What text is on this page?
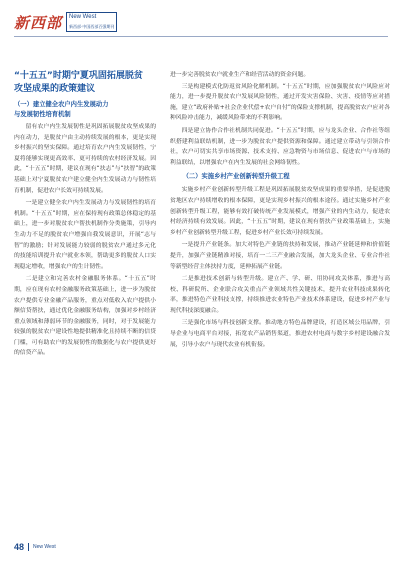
新西部 New West
新西部·中国西部百强期刊
“十五五”时期宁夏巩固拓展脱贫
攻坚成果的政策建议
（一）建立健全农户内生发展动力
与发展韧性培育机制

留有农户内生发展韧性是巩固拓展脱贫攻坚成果的内在动力，是脱贫户由主动持续发展的根本，更是实现乡村振兴的坚实保障。通过培育农户内生发展韧性，宁夏将能够实现更高效率、更可持续的农村经济发展。因此，“十五五”时期，建议在现有“扶志”与“扶智”的政策基础上对宁夏脱贫农户建立健全内生发展动力与韧性培育机制，促进农户长效可持续发展。

一是建立健全农户内生发展动力与发展韧性的培育机制。“十五五”时期，应在保持现有政策总体稳定的基础上，进一步对脱贫农户帮扶机制作分类施策，引导内生动力不足的脱贫农户增强自我发展意识，开展“志与智”的激励；针对发展能力较弱的脱贫农户通过多元化的技能培训提升农户就业本领，帮助更多的脱贫人口实现稳定增收，增强农户的生计韧性。

二是建立和完善农村金融服务体系。“十五五”时期，应在现有农村金融服务政策基础上，进一步为脱贫农户提供专业金融产品服务，重点对低收入农户提供小额信贷帮扶，通过优化金融服务结构，加强对乡村经济重点领域和薄弱环节的金融服务，同时，对于发展能力较强的脱贫农户建设性地提供精准化且持续不断的信贷门槛，可有助农户的发展韧性的数据化与农户提供更好的信贷产品。

进一步完善脱贫农户就业生产和经营活动的资金问题。

三是构建模式化防返贫风险化解机制。“十五五”时期，应加强脱贫农户风险应对能力，进一步提升脱贫农户发展风险韧性，通过开发灾害保险、灾害、疫情等应对措施，建立“政府补贴+社会企业代偿+农户自付”的保险支撑机制，提高脱贫农户应对各种风险冲击能力，减缓风险带来的不利影响。

四是建立协作合作社机制共同促进。“十五五”时期，应与龙头企业、合作社等组织搭建利益联结机制，进一步为脱贫农户提供资源和保障。通过建立带动与引领合作社，农户可切实共享市场资源、技术支持、应急物资与市场信息、促进农户与市场的利益联结，以增强农户在内生发展的社会网络韧性。

（二）实施乡村产业创新转型升级工程

实施乡村产业创新转型升级工程是巩固拓展脱贫攻坚成果的重要举措，是促进脱贫地区农户持续增收的根本保障，更是实现乡村振兴的根本途径。通过实施乡村产业创新转型升级工程，能够有效打破传统产业发展模式，增强产业的内生动力，促进农村经济持续有效发展。因此，“十五五”时期，建议在现有帮扶产业政策基础上，实施乡村产业创新转型升级工程，促进乡村产业长效可持续发展。

一是提升产业链条。加大对特色产业链的扶持和发展，推动产业链延伸和价值链提升，加强产业链精准对接，培育一二三产业融合发展，加大龙头企业、专业合作社等新型经营主体扶持力度，延伸拓展产业链。

二是推进技术创新与转型升级。建立产、学、研、用协同攻关体系，推进与高校、科研院所、企业联合攻关重点产业领域共性关键技术，提升农业科技成果转化率，推进特色产业科技支撑，持续推进农业特色产业技术体系建设，促进乡村产业与现代科技深度融合。

三是强化市场与科技创新支撑。推动地方特色品牌建设，打造区域公用品牌，引导企业与电商平台对接，拓宽农产品销售渠道，推进农村电商与数字乡村建设融合发展，引导小农户与现代农业有机衔接。

48 New West
